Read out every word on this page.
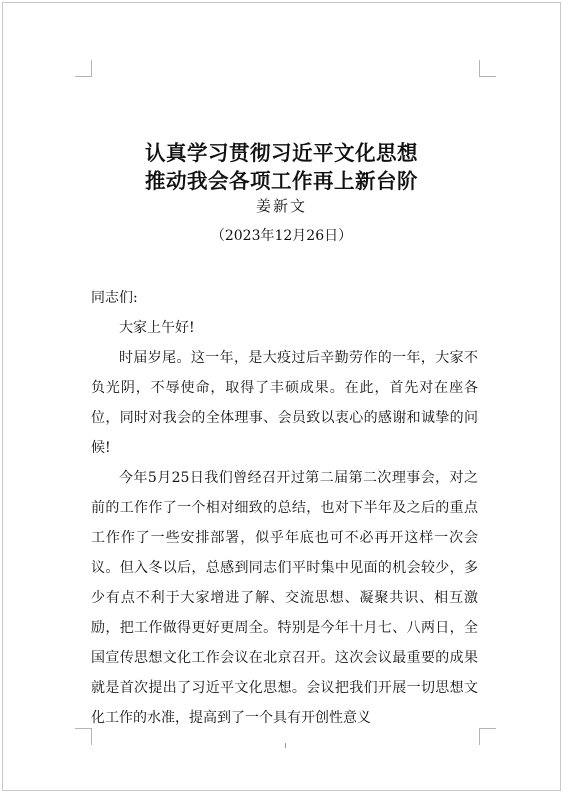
认真学习贯彻习近平文化思想
推动我会各项工作再上新台阶
姜新文
（2023年12月26日）

同志们:

大家上午好!

时届岁尾。这一年，是大疫过后辛勤劳作的一年，大家不负光阴，不辱使命，取得了丰硕成果。在此，首先对在座各位，同时对我会的全体理事、会员致以衷心的感谢和诚挚的问候!

今年5月25日我们曾经召开过第二届第二次理事会，对之前的工作作了一个相对细致的总结，也对下半年及之后的重点工作作了一些安排部署，似乎年底也可不必再开这样一次会议。但入冬以后，总感到同志们平时集中见面的机会较少，多少有点不利于大家增进了解、交流思想、凝聚共识、相互激励，把工作做得更好更周全。特别是今年十月七、八两日，全国宣传思想文化工作会议在北京召开。这次会议最重要的成果就是首次提出了习近平文化思想。会议把我们开展一切思想文化工作的水准，提高到了一个具有开创性意义
